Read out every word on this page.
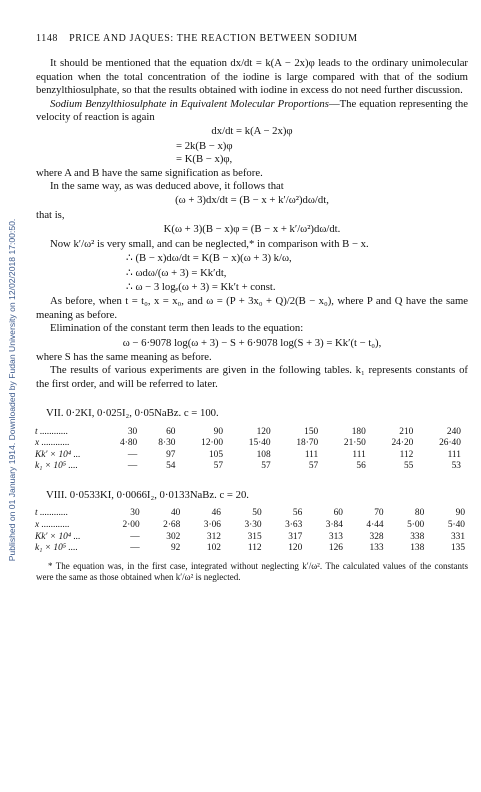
Published on 01 January 1914. Downloaded by Fudan University on 12/02/2018 17:00:50.
1148 PRICE AND JAQUES: THE REACTION BETWEEN SODIUM

It should be mentioned that the equation dx/dt = k(A − 2x)φ leads to the ordinary unimolecular equation when the total concentration of the iodine is large compared with that of the sodium benzylthiosulphate, so that the results obtained with iodine in excess do not need further discussion.

Sodium Benzylthiosulphate in Equivalent Molecular Proportions—The equation representing the velocity of reaction is again

dx/dt = k(A − 2x)φ

= 2k(B − x)φ

= K(B − x)φ,

where A and B have the same signification as before.

In the same way, as was deduced above, it follows that

(ω + 3)dx/dt = (B − x + k′/ω²)dω/dt,

that is,

K(ω + 3)(B − x)φ = (B − x + k′/ω²)dω/dt.

Now k′/ω² is very small, and can be neglected,* in comparison with B − x.

∴ (B − x)dω/dt = K(B − x)(ω + 3) k/ω,

∴ ωdω/(ω + 3) = Kk′dt,

∴ ω − 3 logₑ(ω + 3) = Kk′t + const.

As before, when t = t₀, x = x₀, and ω = (P + 3x₀ + Q)/2(B − x₀), where P and Q have the same meaning as before.

Elimination of the constant term then leads to the equation:

ω − 6·9078 log(ω + 3) − S + 6·9078 log(S + 3) = Kk′(t − t₀),

where S has the same meaning as before.

The results of various experiments are given in the following tables. k₁ represents constants of the first order, and will be referred to later.

VII. 0·2KI, 0·025I₂, 0·05NaBz. c = 100.
t ............	30	60	90	120	150	180	210	240	
x ............	4·80	8·30	12·00	15·40	18·70	21·50	24·20	26·40	
Kk′ × 10⁴ ...	—	97	105	108	111	111	112	111	
k₁ × 10⁵ ....	—	54	57	57	57	56	55	53	
VIII. 0·0533KI, 0·0066I₂, 0·0133NaBz. c = 20.
t ............	30	40	46	50	56	60	70	80	90
x ............	2·00	2·68	3·06	3·30	3·63	3·84	4·44	5·00	5·40
Kk′ × 10⁴ ...	—	302	312	315	317	313	328	338	331
k₁ × 10⁵ ....	—	92	102	112	120	126	133	138	135

* The equation was, in the first case, integrated without neglecting k′/ω². The calculated values of the constants were the same as those obtained when k′/ω² is neglected.
